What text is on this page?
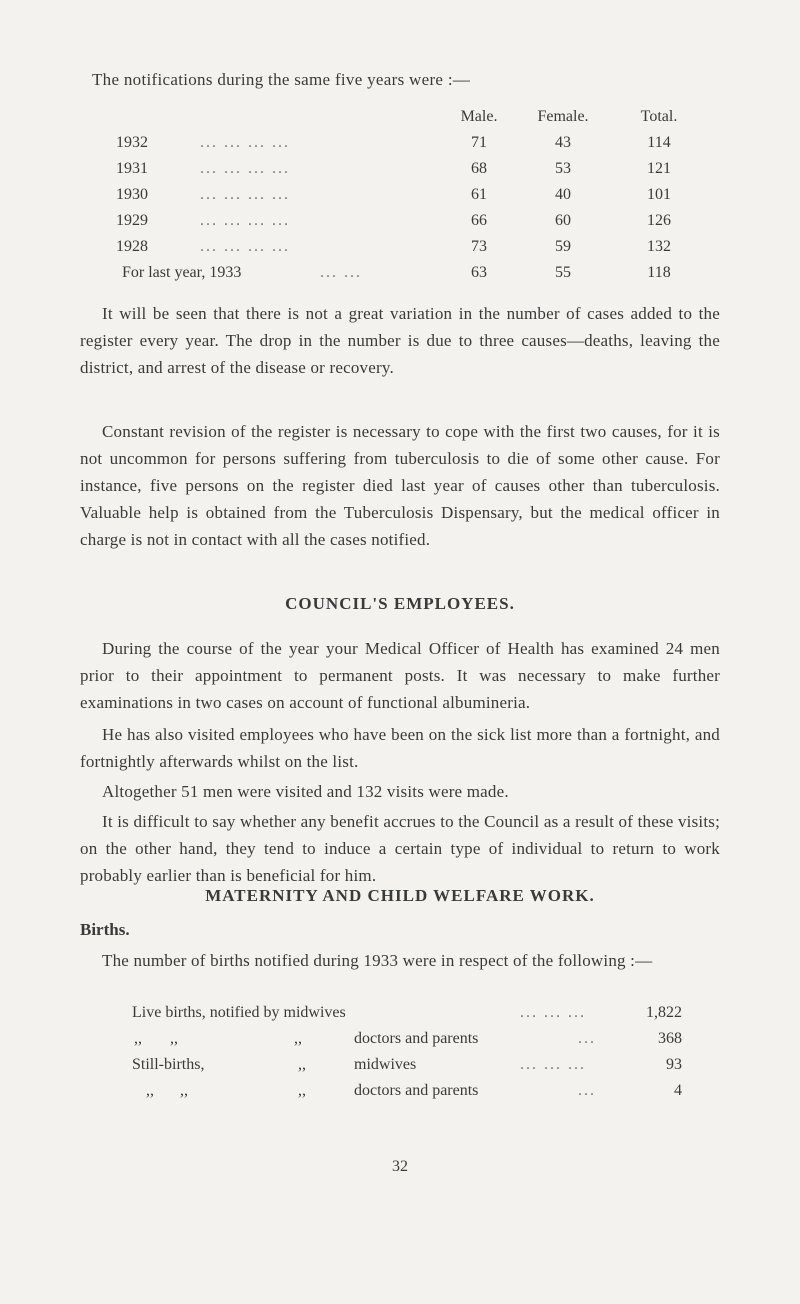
The notifications during the same five years were :—
Male.	Female.	Total.
1932	... ... ... ...	71	43	114
1931	... ... ... ...	68	53	121
1930	... ... ... ...	61	40	101
1929	... ... ... ...	66	60	126
1928	... ... ... ...	73	59	132
For last year, 1933	... ...	63	55	118

It will be seen that there is not a great variation in the number of cases added to the register every year. The drop in the number is due to three causes—deaths, leaving the district, and arrest of the disease or recovery.

Constant revision of the register is necessary to cope with the first two causes, for it is not uncommon for persons suffering from tuberculosis to die of some other cause. For instance, five persons on the register died last year of causes other than tuberculosis. Valuable help is obtained from the Tuberculosis Dispensary, but the medical officer in charge is not in contact with all the cases notified.

COUNCIL'S EMPLOYEES.

During the course of the year your Medical Officer of Health has examined 24 men prior to their appointment to permanent posts. It was necessary to make further examinations in two cases on account of functional albumineria.

He has also visited employees who have been on the sick list more than a fortnight, and fortnightly afterwards whilst on the list.

Altogether 51 men were visited and 132 visits were made.

It is difficult to say whether any benefit accrues to the Council as a result of these visits; on the other hand, they tend to induce a certain type of individual to return to work probably earlier than is beneficial for him.

MATERNITY AND CHILD WELFARE WORK.
Births.

The number of births notified during 1933 were in respect of the following :—

Live births, notified by midwives	... ... ...	1,822
,, ,,	,,	doctors and parents	...	368
Still-births,	,,	midwives	... ... ...	93
,, ,,	,,	doctors and parents	...	4
32
